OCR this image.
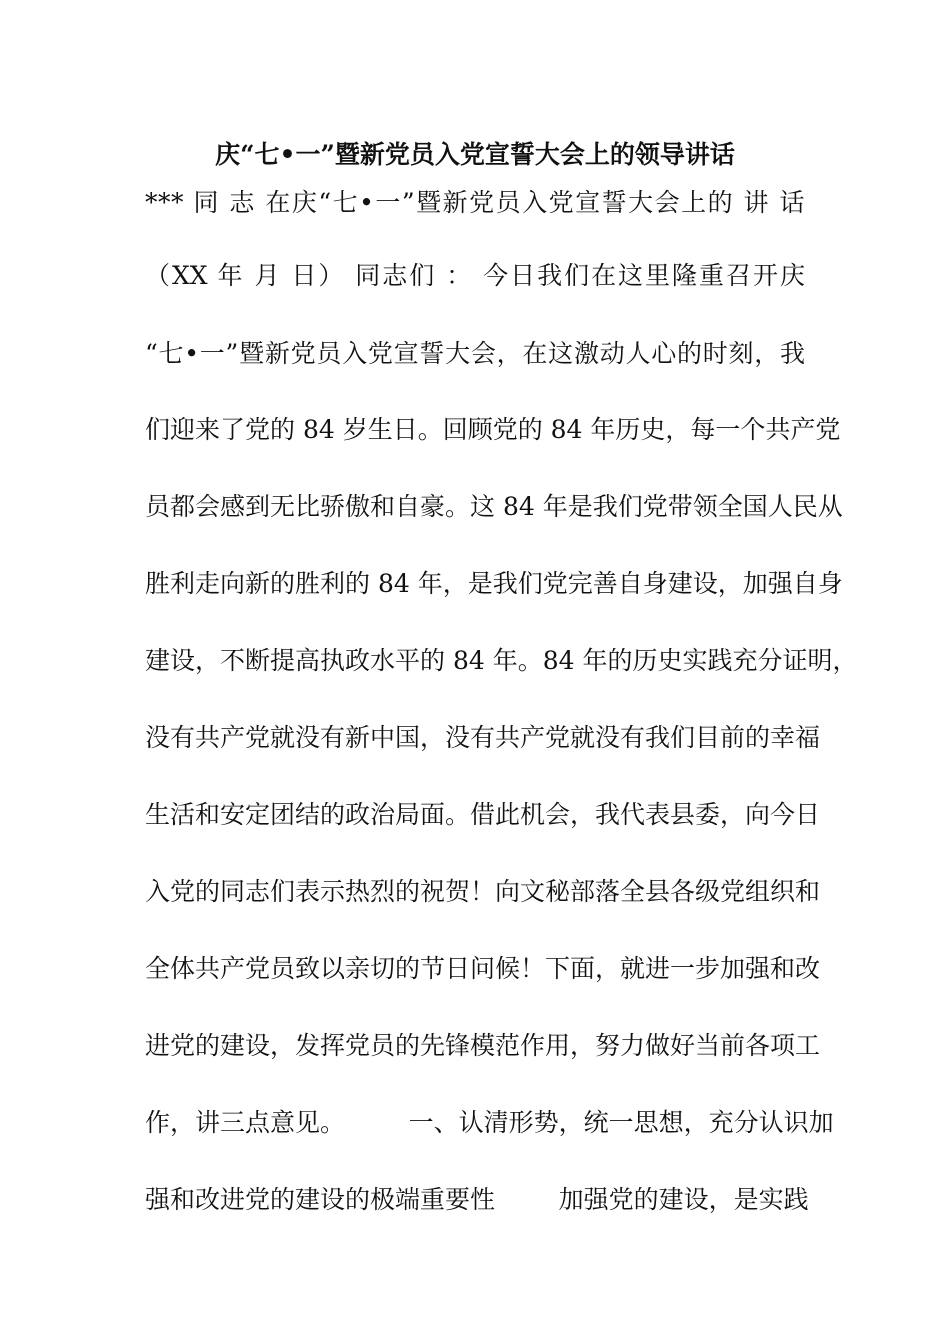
庆“七•一”暨新党员入党宣誓大会上的领导讲话
*** 同 志 在庆“七•一”暨新党员入党宣誓大会上的 讲 话
（XX 年 月 日） 同志们 ： 今日我们在这里隆重召开庆
“七•一”暨新党员入党宣誓大会，在这激动人心的时刻，我
们迎来了党的 84 岁生日。回顾党的 84 年历史，每一个共产党
员都会感到无比骄傲和自豪。这 84 年是我们党带领全国人民从
胜利走向新的胜利的 84 年，是我们党完善自身建设，加强自身
建设，不断提高执政水平的 84 年。84 年的历史实践充分证明，
没有共产党就没有新中国，没有共产党就没有我们目前的幸福
生活和安定团结的政治局面。借此机会，我代表县委，向今日
入党的同志们表示热烈的祝贺！向文秘部落全县各级党组织和
全体共产党员致以亲切的节日问候！下面，就进一步加强和改
进党的建设，发挥党员的先锋模范作用，努力做好当前各项工
作，讲三点意见。        一、认清形势，统一思想，充分认识加
强和改进党的建设的极端重要性        加强党的建设，是实践
